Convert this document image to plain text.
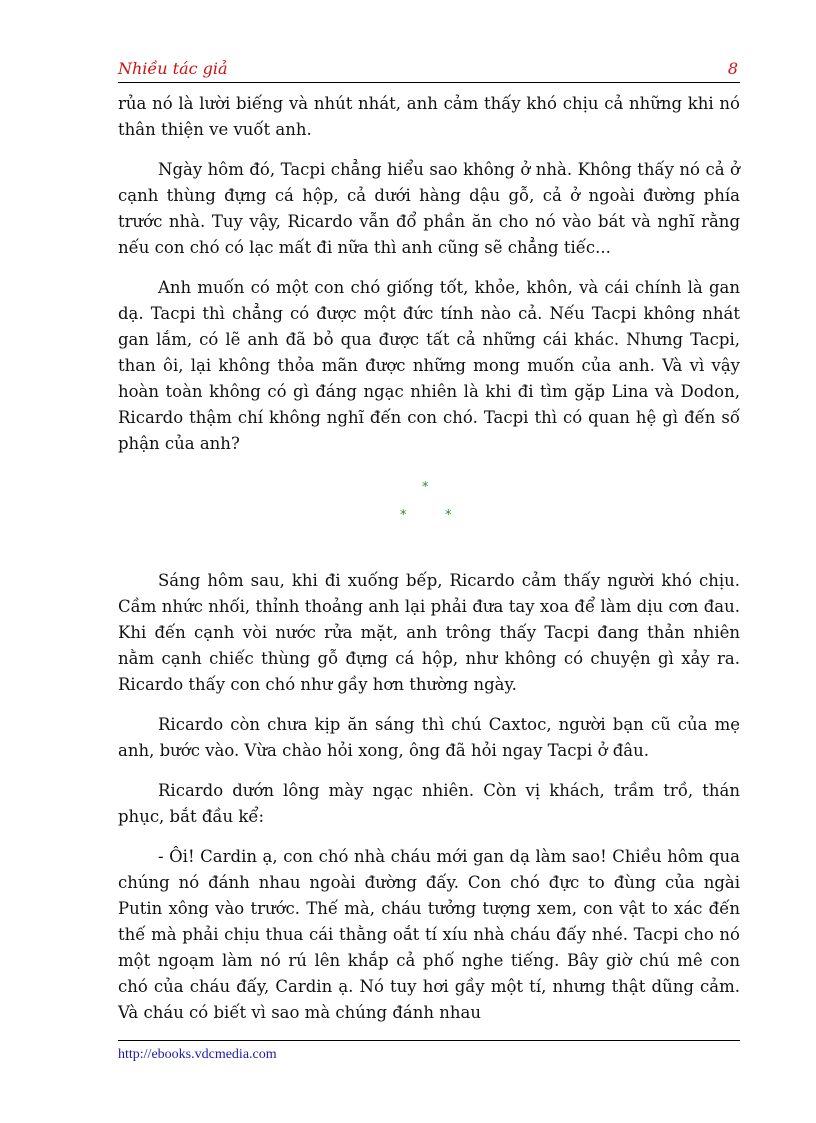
Nhiều tác giả	8

rủa nó là lười biếng và nhút nhát, anh cảm thấy khó chịu cả những khi nó thân thiện ve vuốt anh.

Ngày hôm đó, Tacpi chẳng hiểu sao không ở nhà. Không thấy nó cả ở cạnh thùng đựng cá hộp, cả dưới hàng dậu gỗ, cả ở ngoài đường phía trước nhà. Tuy vậy, Ricardo vẫn đổ phần ăn cho nó vào bát và nghĩ rằng nếu con chó có lạc mất đi nữa thì anh cũng sẽ chẳng tiếc...

Anh muốn có một con chó giống tốt, khỏe, khôn, và cái chính là gan dạ. Tacpi thì chẳng có được một đức tính nào cả. Nếu Tacpi không nhát gan lắm, có lẽ anh đã bỏ qua được tất cả những cái khác. Nhưng Tacpi, than ôi, lại không thỏa mãn được những mong muốn của anh. Và vì vậy hoàn toàn không có gì đáng ngạc nhiên là khi đi tìm gặp Lina và Dodon, Ricardo thậm chí không nghĩ đến con chó. Tacpi thì có quan hệ gì đến số phận của anh?

*
*	*

Sáng hôm sau, khi đi xuống bếp, Ricardo cảm thấy người khó chịu. Cầm nhức nhối, thỉnh thoảng anh lại phải đưa tay xoa để làm dịu cơn đau. Khi đến cạnh vòi nước rửa mặt, anh trông thấy Tacpi đang thản nhiên nằm cạnh chiếc thùng gỗ đựng cá hộp, như không có chuyện gì xảy ra. Ricardo thấy con chó như gầy hơn thường ngày.

Ricardo còn chưa kịp ăn sáng thì chú Caxtoc, người bạn cũ của mẹ anh, bước vào. Vừa chào hỏi xong, ông đã hỏi ngay Tacpi ở đâu.

Ricardo dướn lông mày ngạc nhiên. Còn vị khách, trầm trồ, thán phục, bắt đầu kể:

- Ôi! Cardin ạ, con chó nhà cháu mới gan dạ làm sao! Chiều hôm qua chúng nó đánh nhau ngoài đường đấy. Con chó đực to đùng của ngài Putin xông vào trước. Thế mà, cháu tưởng tượng xem, con vật to xác đến thế mà phải chịu thua cái thằng oắt tí xíu nhà cháu đấy nhé. Tacpi cho nó một ngoạm làm nó rú lên khắp cả phố nghe tiếng. Bây giờ chú mê con chó của cháu đấy, Cardin ạ. Nó tuy hơi gầy một tí, nhưng thật dũng cảm. Và cháu có biết vì sao mà chúng đánh nhau

http://ebooks.vdcmedia.com
